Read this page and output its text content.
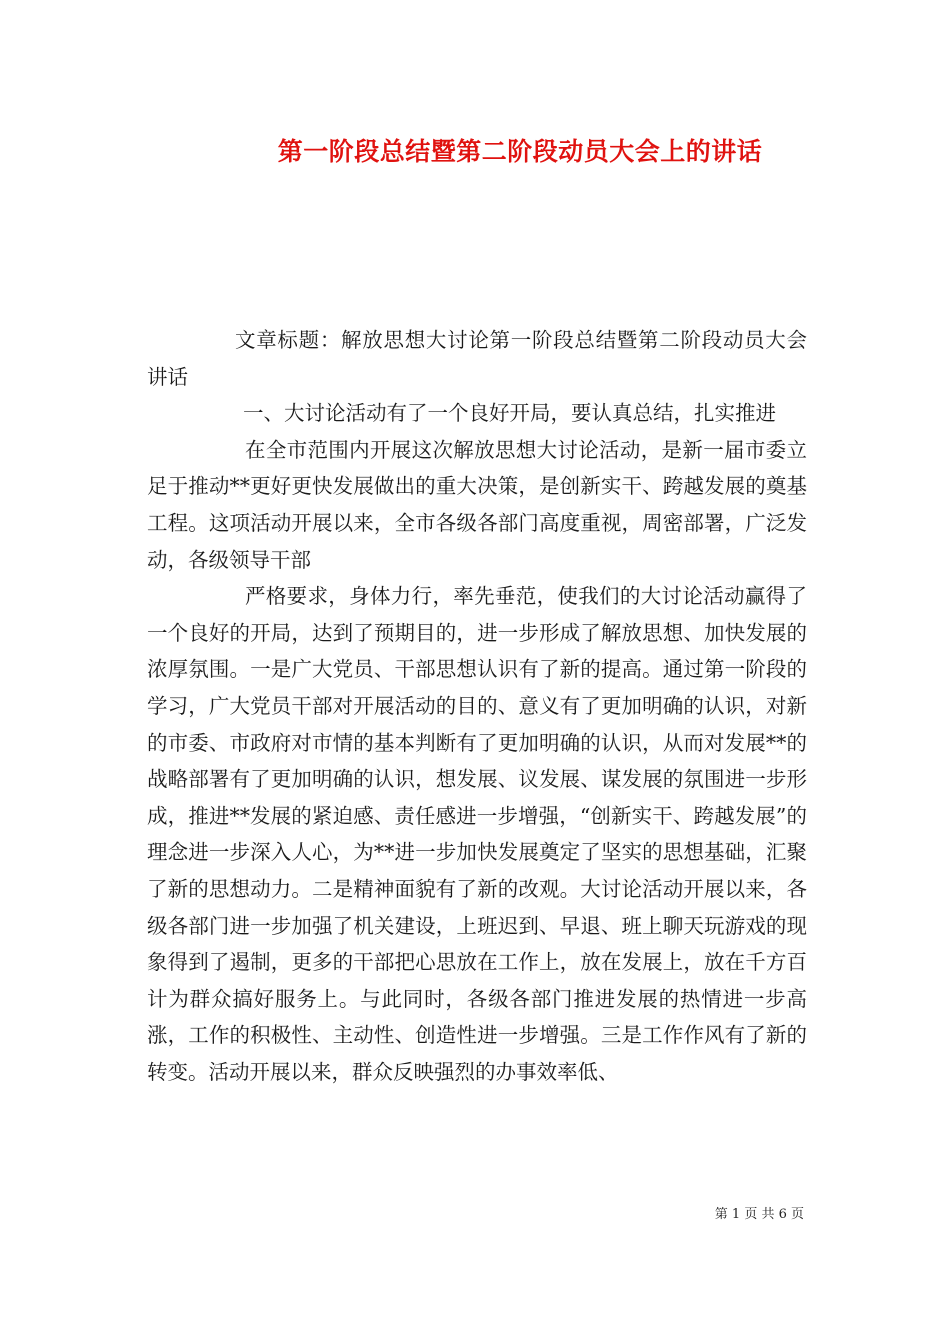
第一阶段总结暨第二阶段动员大会上的讲话

文章标题：解放思想大讨论第一阶段总结暨第二阶段动员大会讲话

一、大讨论活动有了一个良好开局，要认真总结，扎实推进

在全市范围内开展这次解放思想大讨论活动，是新一届市委立足于推动**更好更快发展做出的重大决策，是创新实干、跨越发展的奠基工程。这项活动开展以来，全市各级各部门高度重视，周密部署，广泛发动，各级领导干部

严格要求，身体力行，率先垂范，使我们的大讨论活动赢得了一个良好的开局，达到了预期目的，进一步形成了解放思想、加快发展的浓厚氛围。一是广大党员、干部思想认识有了新的提高。通过第一阶段的学习，广大党员干部对开展活动的目的、意义有了更加明确的认识，对新的市委、市政府对市情的基本判断有了更加明确的认识，从而对发展**的战略部署有了更加明确的认识，想发展、议发展、谋发展的氛围进一步形成，推进**发展的紧迫感、责任感进一步增强，“创新实干、跨越发展”的理念进一步深入人心，为**进一步加快发展奠定了坚实的思想基础，汇聚了新的思想动力。二是精神面貌有了新的改观。大讨论活动开展以来，各级各部门进一步加强了机关建设，上班迟到、早退、班上聊天玩游戏的现象得到了遏制，更多的干部把心思放在工作上，放在发展上，放在千方百计为群众搞好服务上。与此同时，各级各部门推进发展的热情进一步高涨，工作的积极性、主动性、创造性进一步增强。三是工作作风有了新的转变。活动开展以来，群众反映强烈的办事效率低、

第 1 页 共 6 页
